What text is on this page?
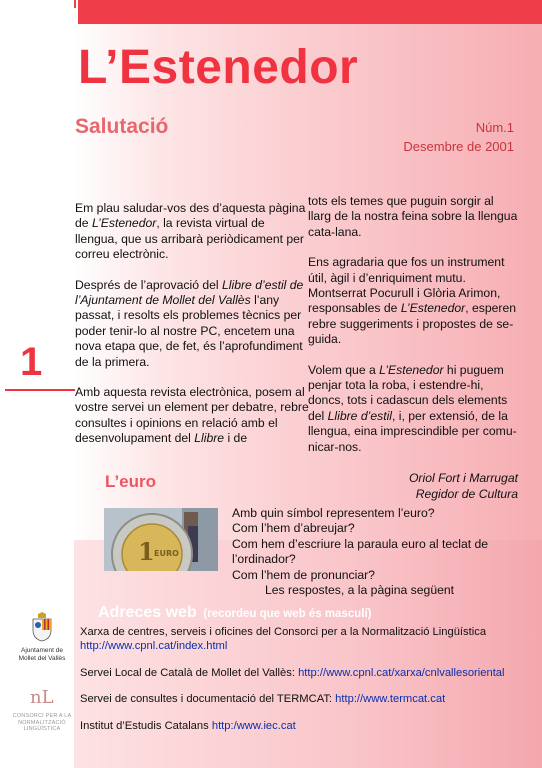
L’Estenedor
Salutació	Núm.1
Desembre de 2001

Em plau saludar-vos des d’aquesta pàgina de L’Estenedor, la revista virtual de llengua, que us arribarà periòdicament per correu electrònic.

Després de l’aprovació del Llibre d’estil de l’Ajuntament de Mollet del Vallès l’any passat, i resolts els problemes tècnics per poder tenir-lo al nostre PC, encetem una nova etapa que, de fet, és l’aprofundiment de la primera.

Amb aquesta revista electrònica, posem al vostre servei un element per debatre, rebre consultes i opinions en relació amb el desenvolupament del Llibre i de

tots els temes que puguin sorgir al llarg de la nostra feina sobre la llengua cata-lana.

Ens agradaria que fos un instrument útil, àgil i d’enriquiment mutu. Montserrat Pocurull i Glòria Arimon, responsables de L’Estenedor, esperen rebre suggeriments i propostes de se-guida.

Volem que a L’Estenedor hi puguem penjar tota la roba, i estendre-hi, doncs, tots i cadascun dels elements del Llibre d’estil, i, per extensió, de la llengua, eina imprescindible per comu-nicar-nos.

Oriol Fort i Marrugat
Regidor de Cultura
1
L’euro
1 EURO
Amb quin símbol representem l’euro?
Com l’hem d’abreujar?
Com hem d’escriure la paraula euro al teclat de l’ordinador?
Com l’hem de pronunciar?
Les respostes, a la pàgina següent
Adreces web (recordeu que web és masculí)
Xarxa de centres, serveis i oficines del Consorci per a la Normalització Lingüística
http://www.cpnl.cat/index.html
Servei Local de Català de Mollet del Vallès: http://www.cpnl.cat/xarxa/cnlvallesoriental
Servei de consultes i documentació del TERMCAT: http://www.termcat.cat
Institut d’Estudis Catalans http:/www.iec.cat
Ajuntament de Mollet del Vallès
nL
CONSORCI PER A LA NORMALITZACIÓ LINGÜÍSTICA
